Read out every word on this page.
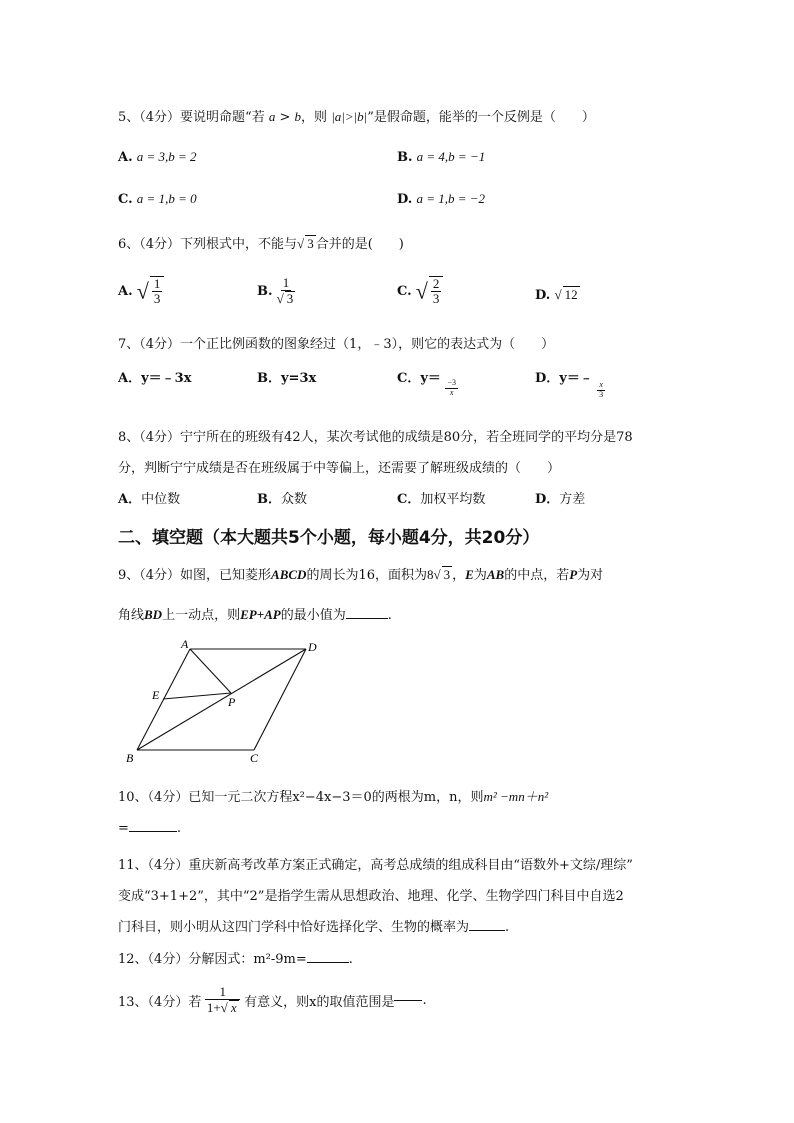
5、（4分）要说明命题“若 a > b，则 |a|>|b|”是假命题，能举的一个反例是（　　）
A. a = 3,b = 2	B. a = 4,b = −1
C. a = 1,b = 0	D. a = 1,b = −2
6、（4分）下列根式中，不能与√ 3 合并的是(　　)
A. √ $\frac{1}{3}$	B. $\frac{1}{√ 3}$	C. √ $\frac{2}{3}$	D. √ 12
7、（4分）一个正比例函数的图象经过（1，﹣3），则它的表达式为（　　）
A．y＝﹣3x	B．y=3x	C．y＝
$\frac{-3}{x}$
D．y＝﹣
$\frac{x}{3}$
8、（4分）宁宁所在的班级有42人，某次考试他的成绩是80分，若全班同学的平均分是78
分，判断宁宁成绩是否在班级属于中等偏上，还需要了解班级成绩的（　　）
A．中位数	B．众数	C．加权平均数	D．方差
二、填空题（本大题共5个小题，每小题4分，共20分）
9、（4分）如图，已知菱形ABCD的周长为16，面积为8√ 3 ，E为AB的中点，若P为对
角线BD上一动点，则EP+AP的最小值为	.
A	D
E	P
B	C
10、（4分）已知一元二次方程x²−4x−3＝0的两根为m，n，则m² −mn＋n²
=	.
11、（4分）重庆新高考改革方案正式确定，高考总成绩的组成科目由“语数外+文综/理综”
变成“3+1+2”，其中“2”是指学生需从思想政治、地理、化学、生物学四门科目中自选2
门科目，则小明从这四门学科中恰好选择化学、生物的概率为	.
12、（4分）分解因式：m²-9m=	.
13、（4分）若 $\frac{1}{1+√ x}$ 有意义，则x的取值范围是 .
